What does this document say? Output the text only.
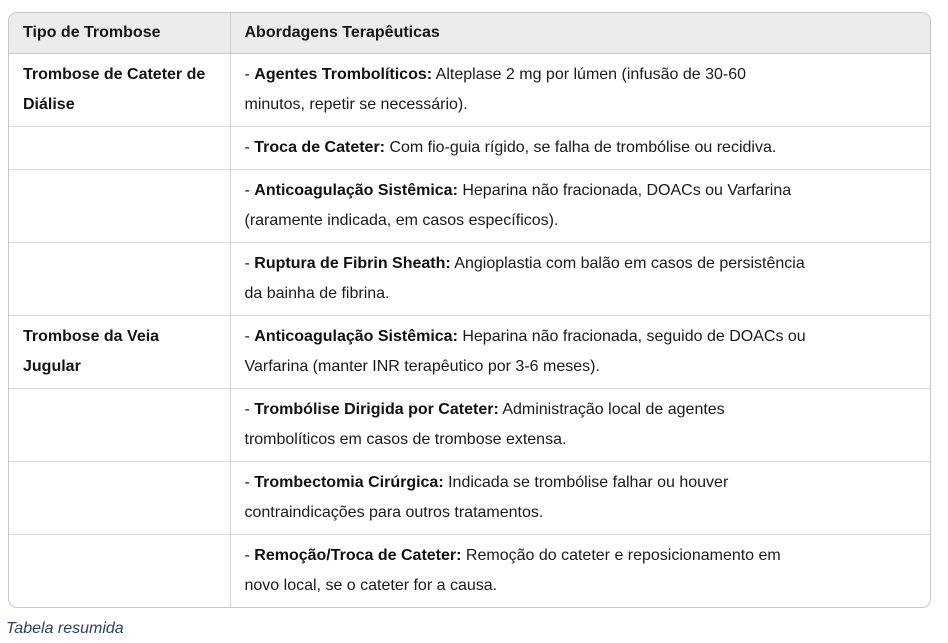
Tipo de Trombose	Abordagens Terapêuticas
Trombose de Cateter de Diálise	- Agentes Trombolíticos: Alteplase 2 mg por lúmen (infusão de 30-60
minutos, repetir se necessário).
	- Troca de Cateter: Com fio-guia rígido, se falha de trombólise ou recidiva.
	- Anticoagulação Sistêmica: Heparina não fracionada, DOACs ou Varfarina
(raramente indicada, em casos específicos).
	- Ruptura de Fibrin Sheath: Angioplastia com balão em casos de persistência
da bainha de fibrina.
Trombose da Veia Jugular	- Anticoagulação Sistêmica: Heparina não fracionada, seguido de DOACs ou
Varfarina (manter INR terapêutico por 3-6 meses).
	- Trombólise Dirigida por Cateter: Administração local de agentes
trombolíticos em casos de trombose extensa.
	- Trombectomia Cirúrgica: Indicada se trombólise falhar ou houver
contraindicações para outros tratamentos.
	- Remoção/Troca de Cateter: Remoção do cateter e reposicionamento em
novo local, se o cateter for a causa.
Tabela resumida
